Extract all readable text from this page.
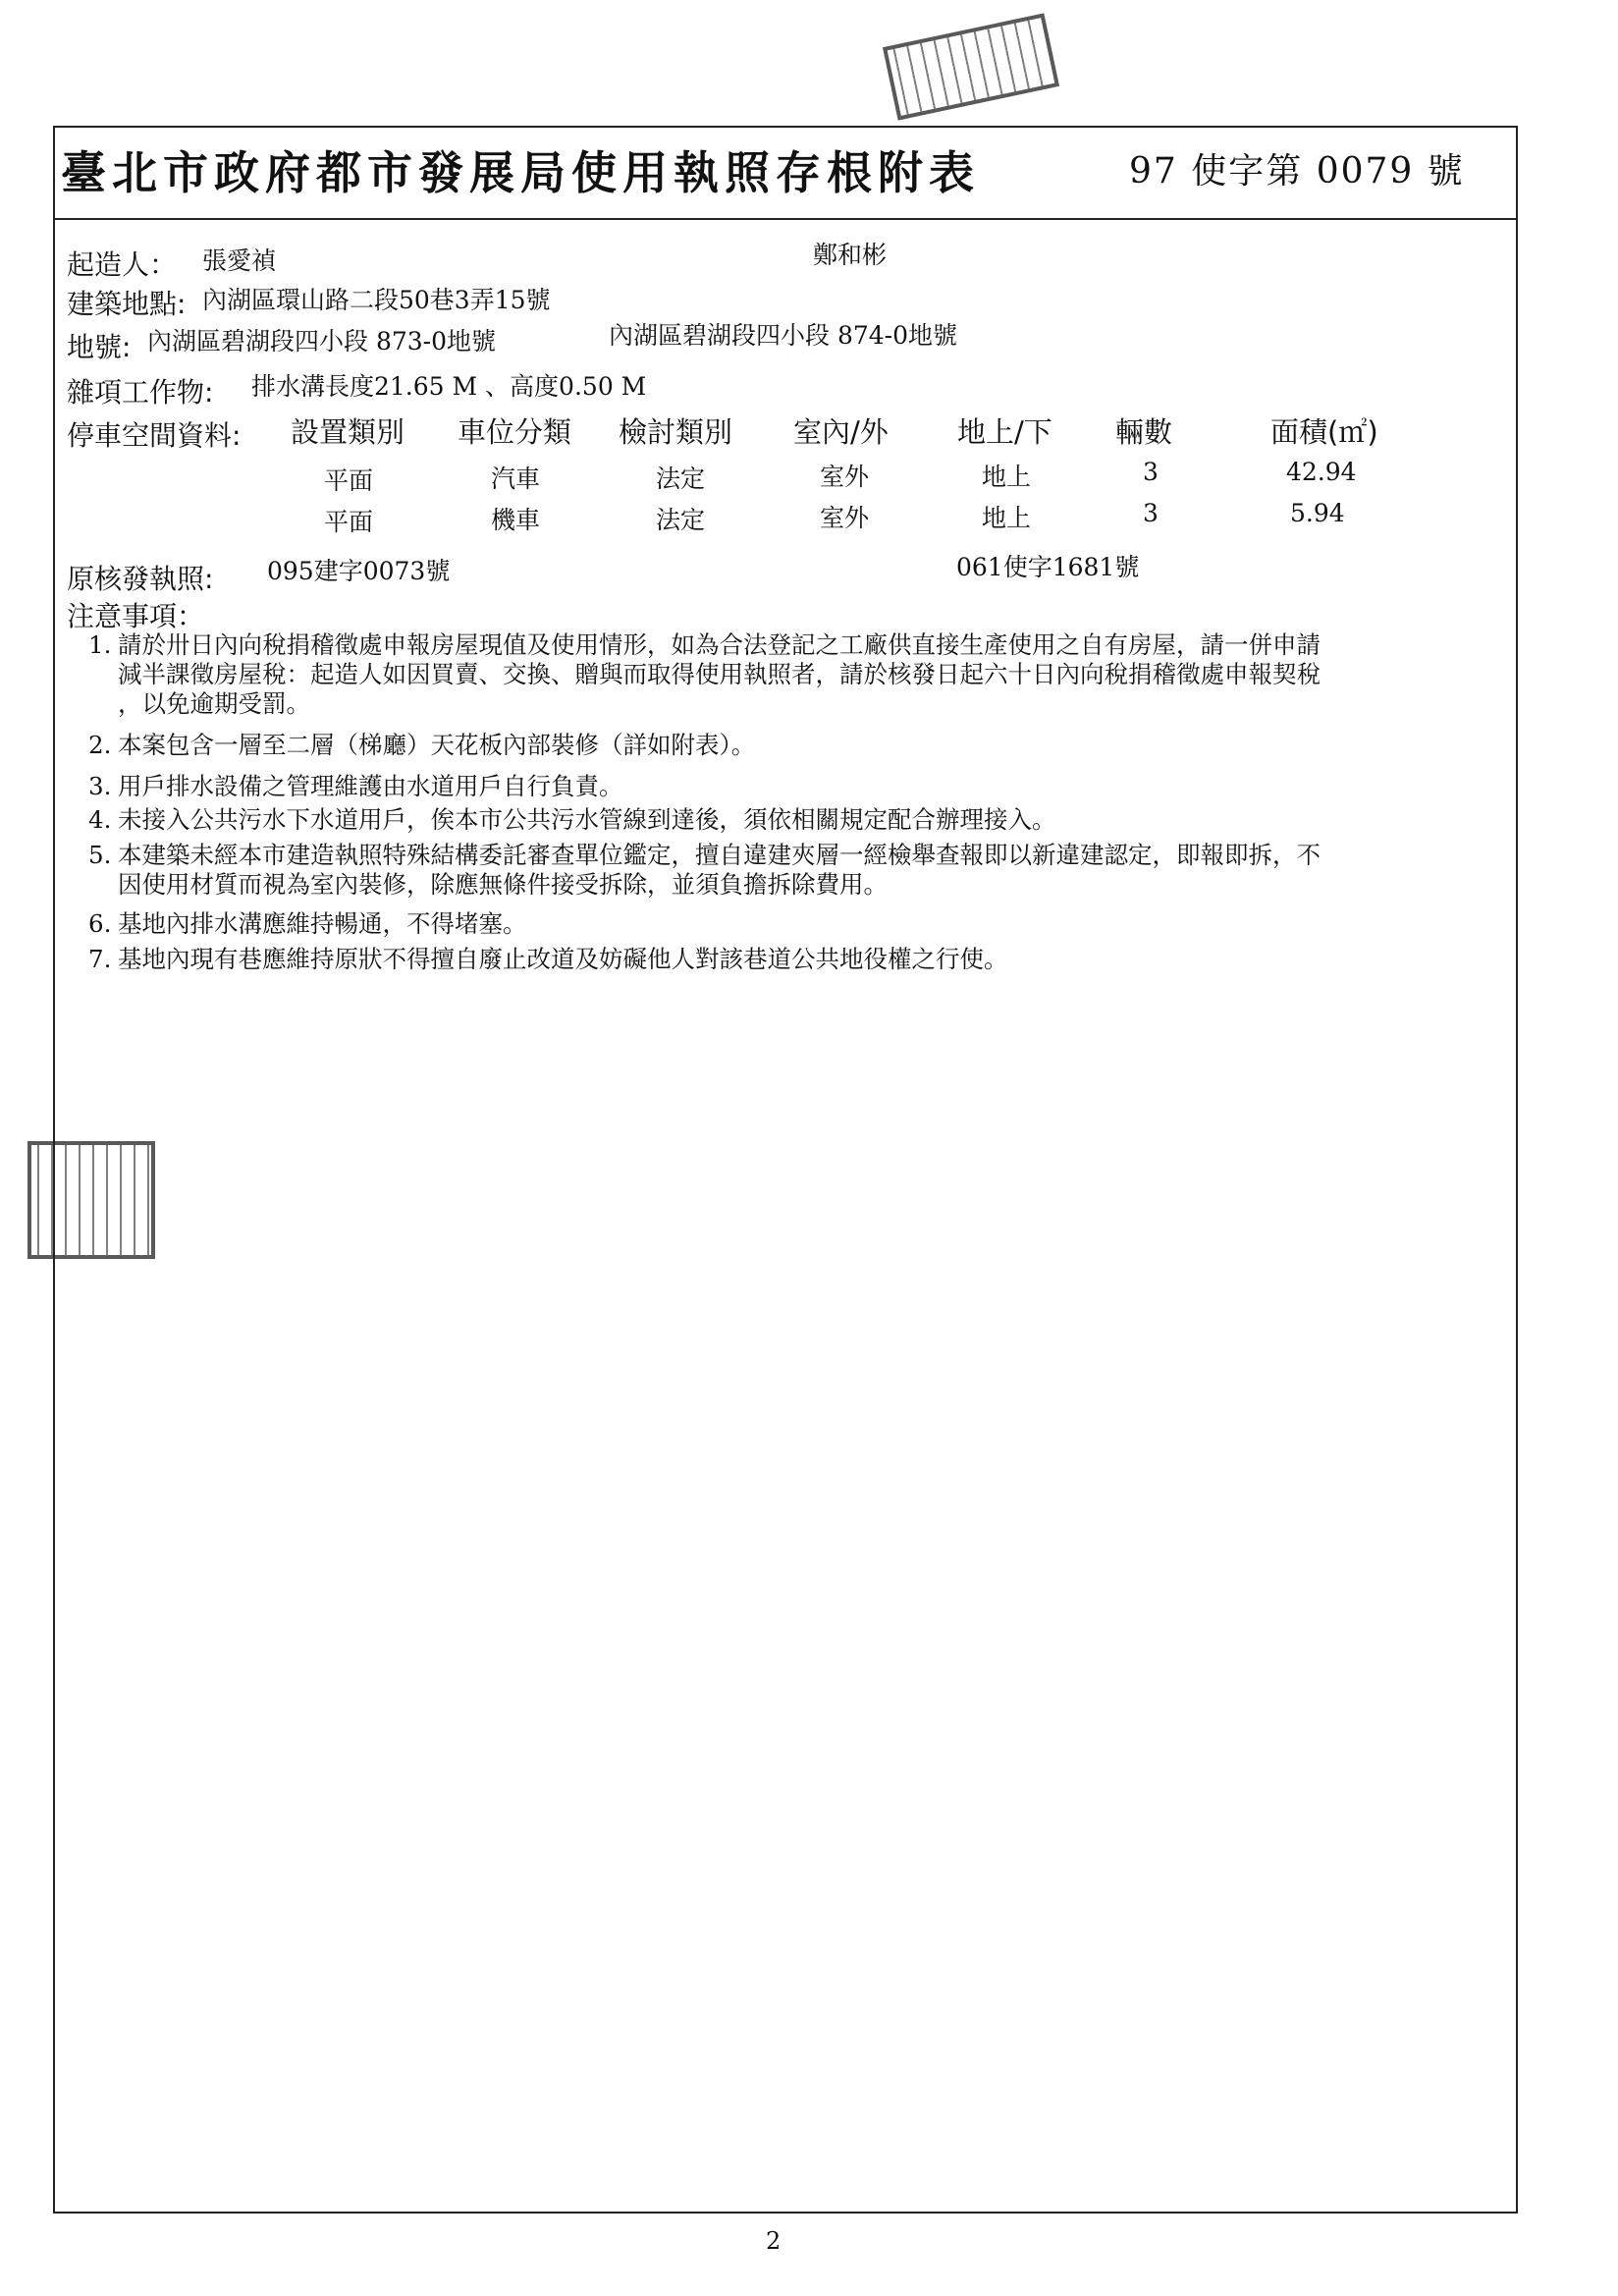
臺北市政府都市發展局使用執照存根附表	97 使字第 0079 號
起造人： 張愛禎	鄭和彬
建築地點: 內湖區環山路二段50巷3弄15號
地號: 內湖區碧湖段四小段 873-0地號	內湖區碧湖段四小段 874-0地號
雜項工作物: 排水溝長度21.65 M 、高度0.50 M
停車空間資料: 設置類別 車位分類 檢討類別 室內/外 地上/下 輛數	面積(㎡)
平面	汽車	法定	室外	地上	3	42.94
平面	機車	法定	室外	地上	3	5.94
原核發執照: 095建字0073號	061使字1681號
注意事項：
1. 請於卅日內向稅捐稽徵處申報房屋現值及使用情形，如為合法登記之工廠供直接生產使用之自有房屋，請一併申請
減半課徵房屋稅：起造人如因買賣、交換、贈與而取得使用執照者，請於核發日起六十日內向稅捐稽徵處申報契稅
，以免逾期受罰。
2. 本案包含一層至二層（梯廳）天花板內部裝修（詳如附表）。
3. 用戶排水設備之管理維護由水道用戶自行負責。
4. 未接入公共污水下水道用戶，俟本市公共污水管線到達後，須依相關規定配合辦理接入。
5. 本建築未經本市建造執照特殊結構委託審查單位鑑定，擅自違建夾層一經檢舉查報即以新違建認定，即報即拆，不
因使用材質而視為室內裝修，除應無條件接受拆除，並須負擔拆除費用。
6. 基地內排水溝應維持暢通，不得堵塞。
7. 基地內現有巷應維持原狀不得擅自廢止改道及妨礙他人對該巷道公共地役權之行使。
2
